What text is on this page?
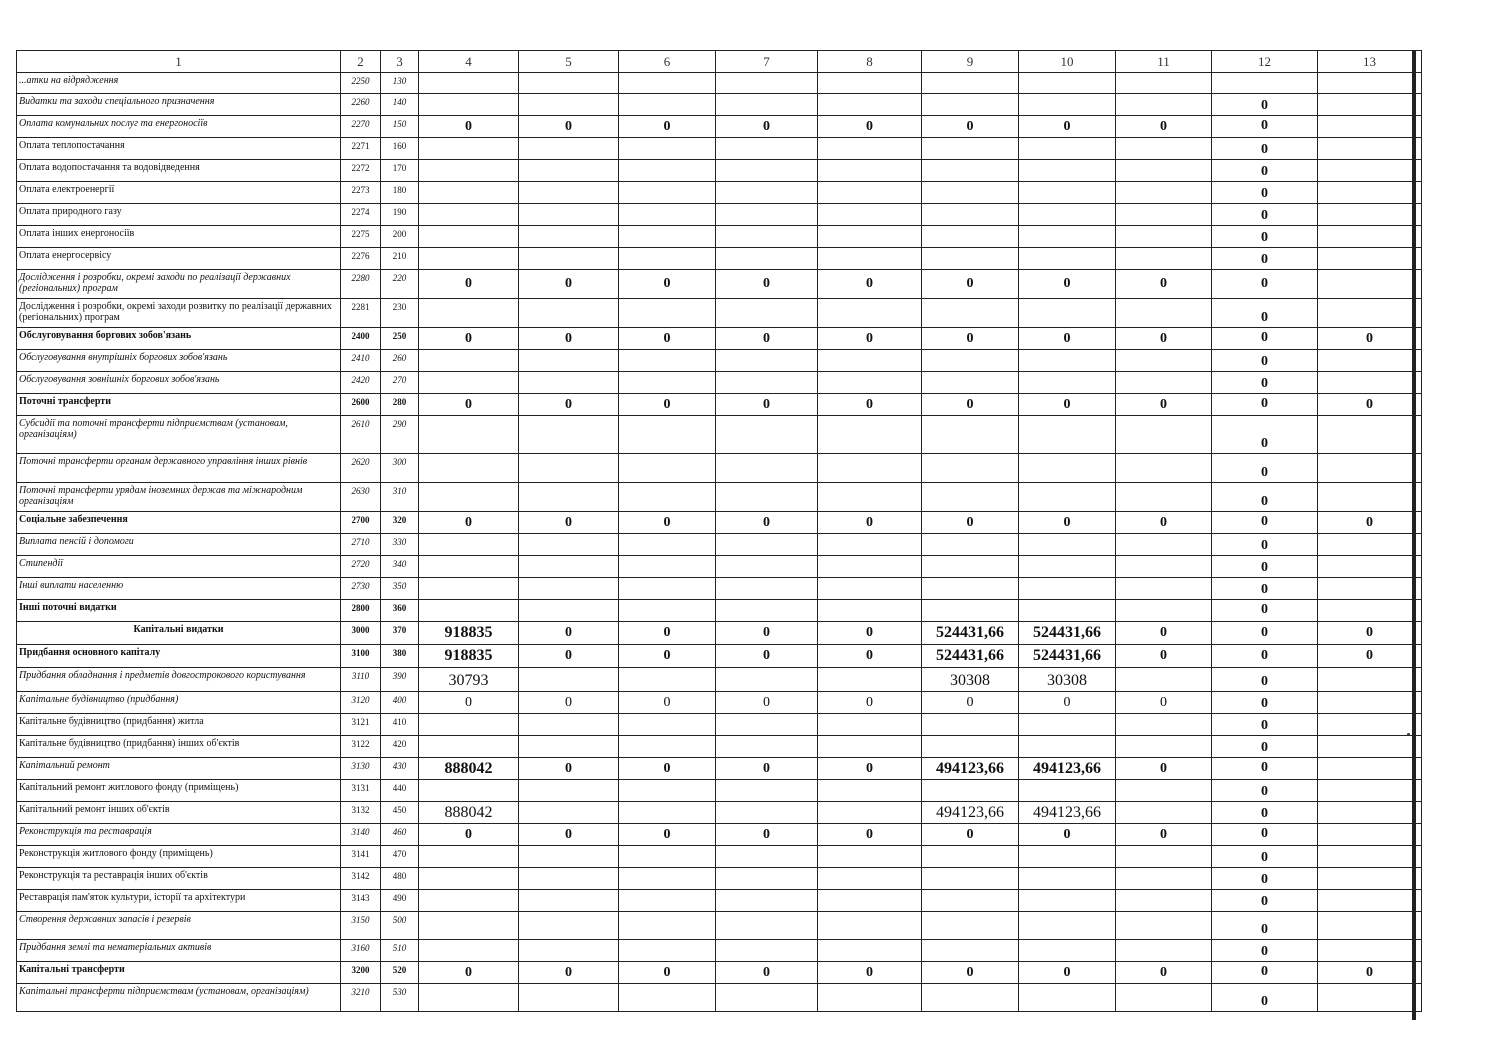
1	2	3	4	5	6	7	8	9	10	11	12	13
...атки на відрядження	2250	130										
Видатки та заходи спеціального призначення	2260	140									0	
Оплата комунальних послуг та енергоносіїв	2270	150	0	0	0	0	0	0	0	0	0	
Оплата теплопостачання	2271	160									0	
Оплата водопостачання та водовідведення	2272	170									0	
Оплата електроенергії	2273	180									0	
Оплата природного газу	2274	190									0	
Оплата інших енергоносіїв	2275	200									0	
Оплата енергосервісу	2276	210									0	
Дослідження і розробки, окремі заходи по реалізації державних (регіональних) програм	2280	220	0	0	0	0	0	0	0	0	0	
Дослідження і розробки, окремі заходи розвитку по реалізації державних (регіональних) програм	2281	230									0	
Обслуговування боргових зобов'язань	2400	250	0	0	0	0	0	0	0	0	0	0
Обслуговування внутрішніх боргових зобов'язань	2410	260									0	
Обслуговування зовнішніх боргових зобов'язань	2420	270									0	
Поточні трансферти	2600	280	0	0	0	0	0	0	0	0	0	0
Субсидії та поточні трансферти підприємствам (установам, організаціям)	2610	290									0	
Поточні трансферти органам державного управління інших рівнів	2620	300									0	
Поточні трансферти урядам іноземних держав та міжнародним організаціям	2630	310									0	
Соціальне забезпечення	2700	320	0	0	0	0	0	0	0	0	0	0
Виплата пенсій і допомоги	2710	330									0	
Стипендії	2720	340									0	
Інші виплати населенню	2730	350									0	
Інші поточні видатки	2800	360									0	
Капітальні видатки	3000	370	918835	0	0	0	0	524431,66	524431,66	0	0	0
Придбання основного капіталу	3100	380	918835	0	0	0	0	524431,66	524431,66	0	0	0
Придбання обладнання і предметів довгострокового користування	3110	390	30793					30308	30308		0	
Капітальне будівництво (придбання)	3120	400	0	0	0	0	0	0	0	0	0	
Капітальне будівництво (придбання) житла	3121	410									0	
Капітальне будівництво (придбання) інших об'єктів	3122	420									0	
Капітальний ремонт	3130	430	888042	0	0	0	0	494123,66	494123,66	0	0	
Капітальний ремонт житлового фонду (приміщень)	3131	440									0	
Капітальний ремонт інших об'єктів	3132	450	888042					494123,66	494123,66		0	
Реконструкція та реставрація	3140	460	0	0	0	0	0	0	0	0	0	
Реконструкція житлового фонду (приміщень)	3141	470									0	
Реконструкція та реставрація інших об'єктів	3142	480									0	
Реставрація пам'яток культури, історії та архітектури	3143	490									0	
Створення державних запасів і резервів	3150	500									0	
Придбання землі та нематеріальних активів	3160	510									0	
Капітальні трансферти	3200	520	0	0	0	0	0	0	0	0	0	0
Капітальні трансферти підприємствам (установам, організаціям)	3210	530									0	
